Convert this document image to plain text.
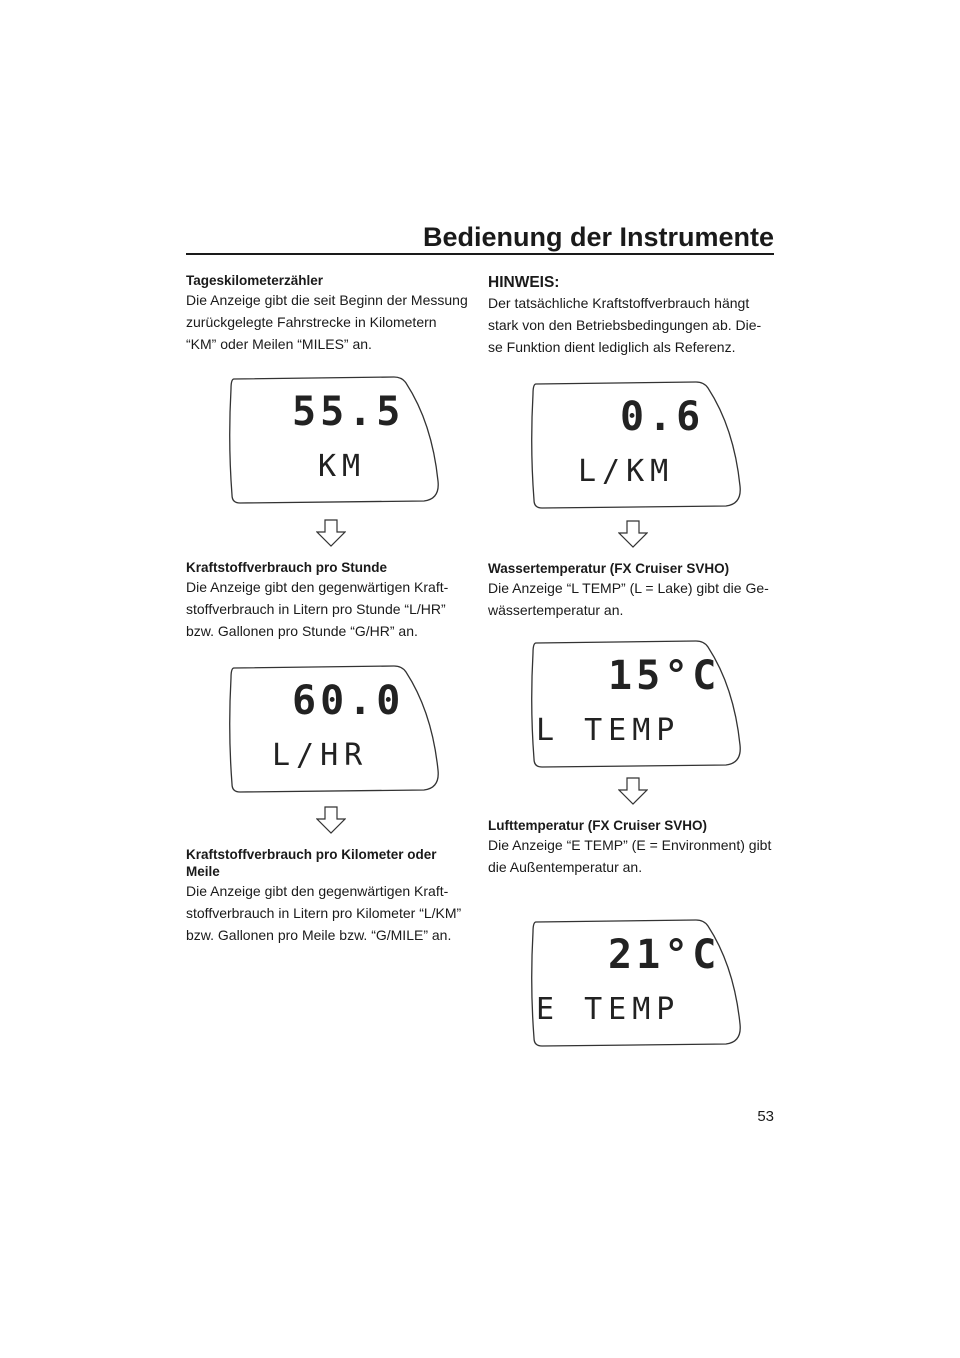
Bedienung der Instrumente

Tageskilometerzähler

Die Anzeige gibt die seit Beginn der Messung

zurückgelegte Fahrstrecke in Kilometern

“KM” oder Meilen “MILES” an.

55.5
KM

Kraftstoffverbrauch pro Stunde

Die Anzeige gibt den gegenwärtigen Kraft-

stoffverbrauch in Litern pro Stunde “L/HR”

bzw. Gallonen pro Stunde “G/HR” an.

60.0
L/HR

Kraftstoffverbrauch pro Kilometer oder

Meile

Die Anzeige gibt den gegenwärtigen Kraft-

stoffverbrauch in Litern pro Kilometer “L/KM”

bzw. Gallonen pro Meile bzw. “G/MILE” an.

HINWEIS:

Der tatsächliche Kraftstoffverbrauch hängt

stark von den Betriebsbedingungen ab. Die-

se Funktion dient lediglich als Referenz.

0.6
L/KM

Wassertemperatur (FX Cruiser SVHO)

Die Anzeige “L TEMP” (L = Lake) gibt die Ge-

wässertemperatur an.

15°C
L TEMP

Lufttemperatur (FX Cruiser SVHO)

Die Anzeige “E TEMP” (E = Environment) gibt

die Außentemperatur an.

21°C
E TEMP
53
